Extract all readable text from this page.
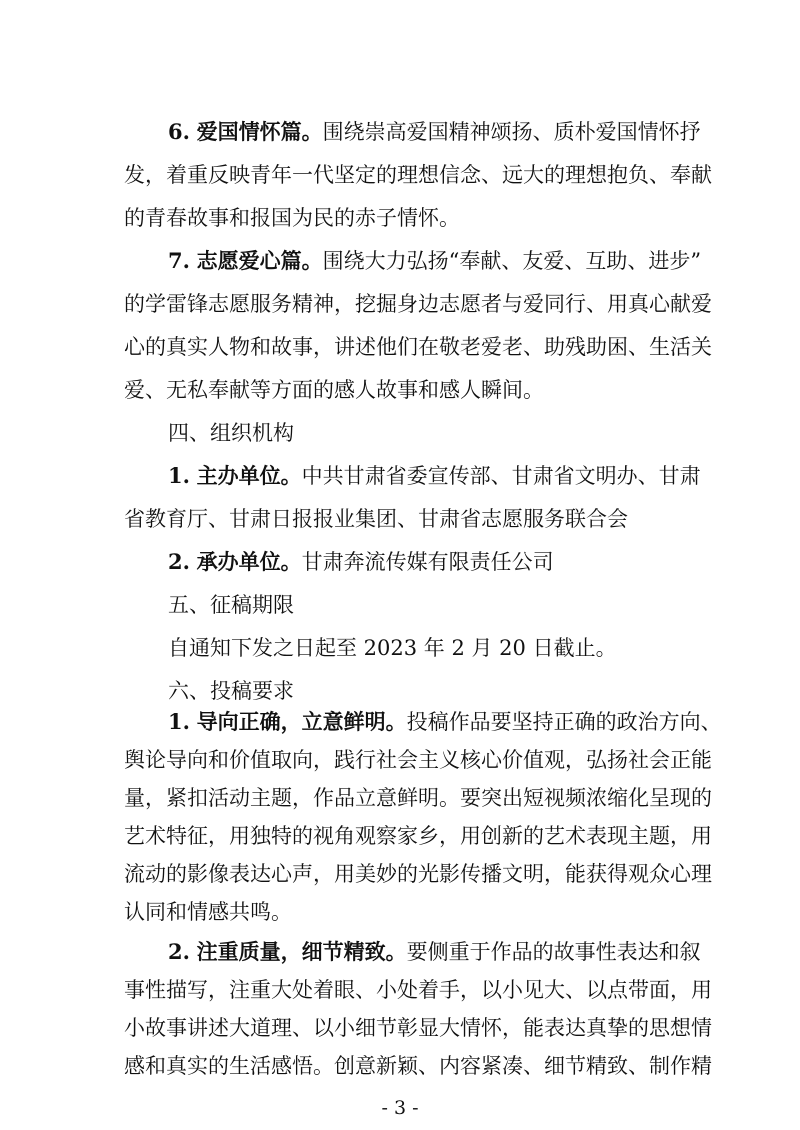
6. 爱国情怀篇。围绕崇高爱国精神颂扬、质朴爱国情怀抒
发，着重反映青年一代坚定的理想信念、远大的理想抱负、奉献
的青春故事和报国为民的赤子情怀。
7. 志愿爱心篇。围绕大力弘扬“奉献、友爱、互助、进步”
的学雷锋志愿服务精神，挖掘身边志愿者与爱同行、用真心献爱
心的真实人物和故事，讲述他们在敬老爱老、助残助困、生活关
爱、无私奉献等方面的感人故事和感人瞬间。
四、组织机构
1. 主办单位。中共甘肃省委宣传部、甘肃省文明办、甘肃
省教育厅、甘肃日报报业集团、甘肃省志愿服务联合会
2. 承办单位。甘肃奔流传媒有限责任公司
五、征稿期限
自通知下发之日起至 2023 年 2 月 20 日截止。
六、投稿要求
1. 导向正确，立意鲜明。投稿作品要坚持正确的政治方向、
舆论导向和价值取向，践行社会主义核心价值观，弘扬社会正能
量，紧扣活动主题，作品立意鲜明。要突出短视频浓缩化呈现的
艺术特征，用独特的视角观察家乡，用创新的艺术表现主题，用
流动的影像表达心声，用美妙的光影传播文明，能获得观众心理
认同和情感共鸣。
2. 注重质量，细节精致。要侧重于作品的故事性表达和叙
事性描写，注重大处着眼、小处着手，以小见大、以点带面，用
小故事讲述大道理、以小细节彰显大情怀，能表达真挚的思想情
感和真实的生活感悟。创意新颖、内容紧凑、细节精致、制作精
- 3 -
